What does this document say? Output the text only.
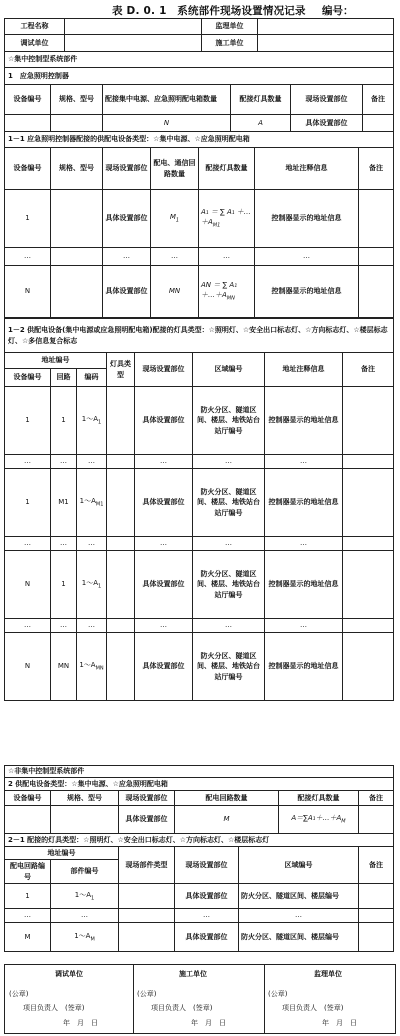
表 D. 0. 1　系统部件现场设置情况记录 编号：
工程名称		监理单位	
调试单位		施工单位	
☆集中控制型系统部件					
1　应急照明控制器					
设备编号	规格、型号	配接集中电源、应急照明配电箱数量	配接灯具数量	现场设置部位	备注
		N	A	具体设置部位	
1－1 应急照明控制器配接的供配电设备类型：☆集中电源、☆应急照明配电箱						
设备编号	规格、型号	现场设置部位	配电、通信回路数量	配接灯具数量	地址注释信息	备注
1		具体设置部位	$M_1$	A₁ ＝ ∑ $A_1 +\dots+A_{M1}$	控制器显示的地址信息	
…		…	…	…	…	
N		具体设置部位	MN	AN ＝ ∑ $A_1 +\dots+A_{MN}$	控制器显示的地址信息	
1－2 供配电设备(集中电源或应急照明配电箱)配接的灯具类型：☆照明灯、☆安全出口标志灯、☆方向标志灯、☆楼层标志灯、☆多信息复合标志							
地址编号			灯具类型	现场设置部位	区域编号	地址注释信息	备注
设备编号	回路	编码					
1	1	$1\sim A_1$		具体设置部位	防火分区、隧道区间、楼层、地铁站台站厅编号	控制器显示的地址信息	
…	…	…		…	…	…	
1	M1	$1\sim A_{M1}$		具体设置部位	防火分区、隧道区间、楼层、地铁站台站厅编号	控制器显示的地址信息	
…	…	…		…	…	…	
N	1	$1\sim A_1$		具体设置部位	防火分区、隧道区间、楼层、地铁站台站厅编号	控制器显示的地址信息	
…	…	…		…	…	…	
N	MN	$1\sim A_{MN}$		具体设置部位	防火分区、隧道区间、楼层、地铁站台站厅编号	控制器显示的地址信息	
☆非集中控制型系统部件					
2 供配电设备类型：☆集中电源、☆应急照明配电箱					
设备编号	规格、型号	现场设置部位	配电回路数量	配接灯具数量	备注
		具体设置部位	M	$A=\sum A_1+\dots+A_M$	
2－1 配接的灯具类型：☆照明灯、☆安全出口标志灯、☆方向标志灯、☆楼层标志灯					
地址编号		现场部件类型	现场设置部位	区域编号	备注
配电回路编号	部件编号				
1	$1\sim A_1$		具体设置部位	防火分区、隧道区间、楼层编号	
…	…		…	…	
M	$1\sim A_M$		具体设置部位	防火分区、隧道区间、楼层编号	
调试单位
(公章)
项目负责人　(签章)
年　月　日
施工单位
(公章)
项目负责人　(签章)
年　月　日
监理单位
(公章)
项目负责人　(签章)
年　月　日
